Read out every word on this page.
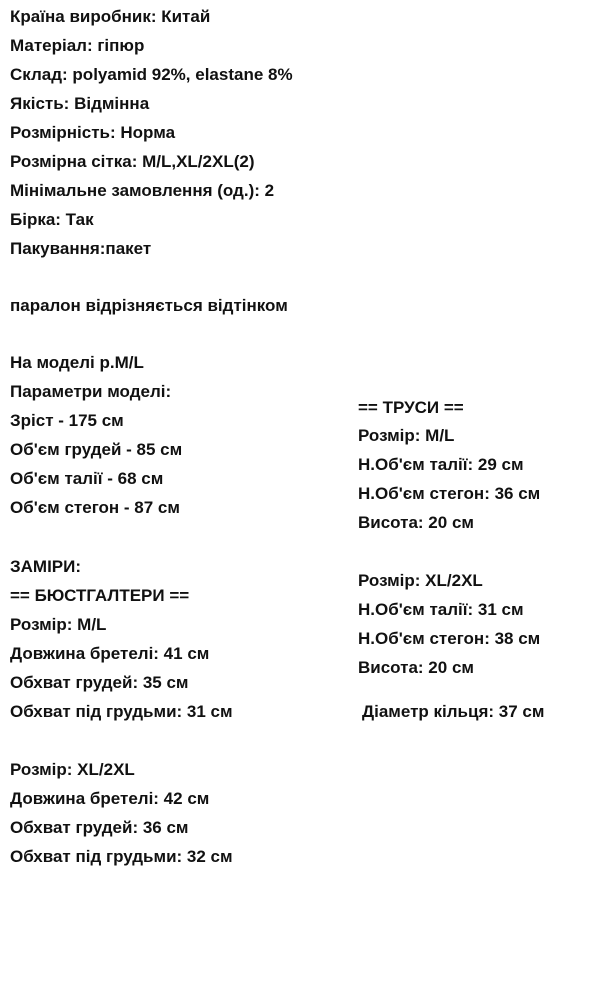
Країна виробник: Китай

Матеріал: гіпюр

Склад: polyamid 92%, elastane 8%

Якість: Відмінна

Розмірність: Норма

Розмірна сітка: M/L,XL/2XL(2)

Мінімальне замовлення (од.): 2

Бірка: Так

Пакування:пакет

паралон відрізняється відтінком

На моделі р.M/L

Параметри моделі:

Зріст - 175 см

Об'єм грудей - 85 см

Об'єм талії - 68 см

Об'єм стегон - 87 см

ЗАМІРИ:

== БЮСТГАЛТЕРИ ==

Розмір: M/L

Довжина бретелі: 41 см

Обхват грудей: 35 см

Обхват під грудьми: 31 см

Розмір: XL/2XL

Довжина бретелі: 42 см

Обхват грудей: 36 см

Обхват під грудьми: 32 см

== ТРУСИ ==

Розмір: M/L

Н.Об'єм талії: 29 см

Н.Об'єм стегон: 36 см

Висота: 20 см

Розмір: XL/2XL

Н.Об'єм талії: 31 см

Н.Об'єм стегон: 38 см

Висота: 20 см

Діаметр кільця: 37 см
